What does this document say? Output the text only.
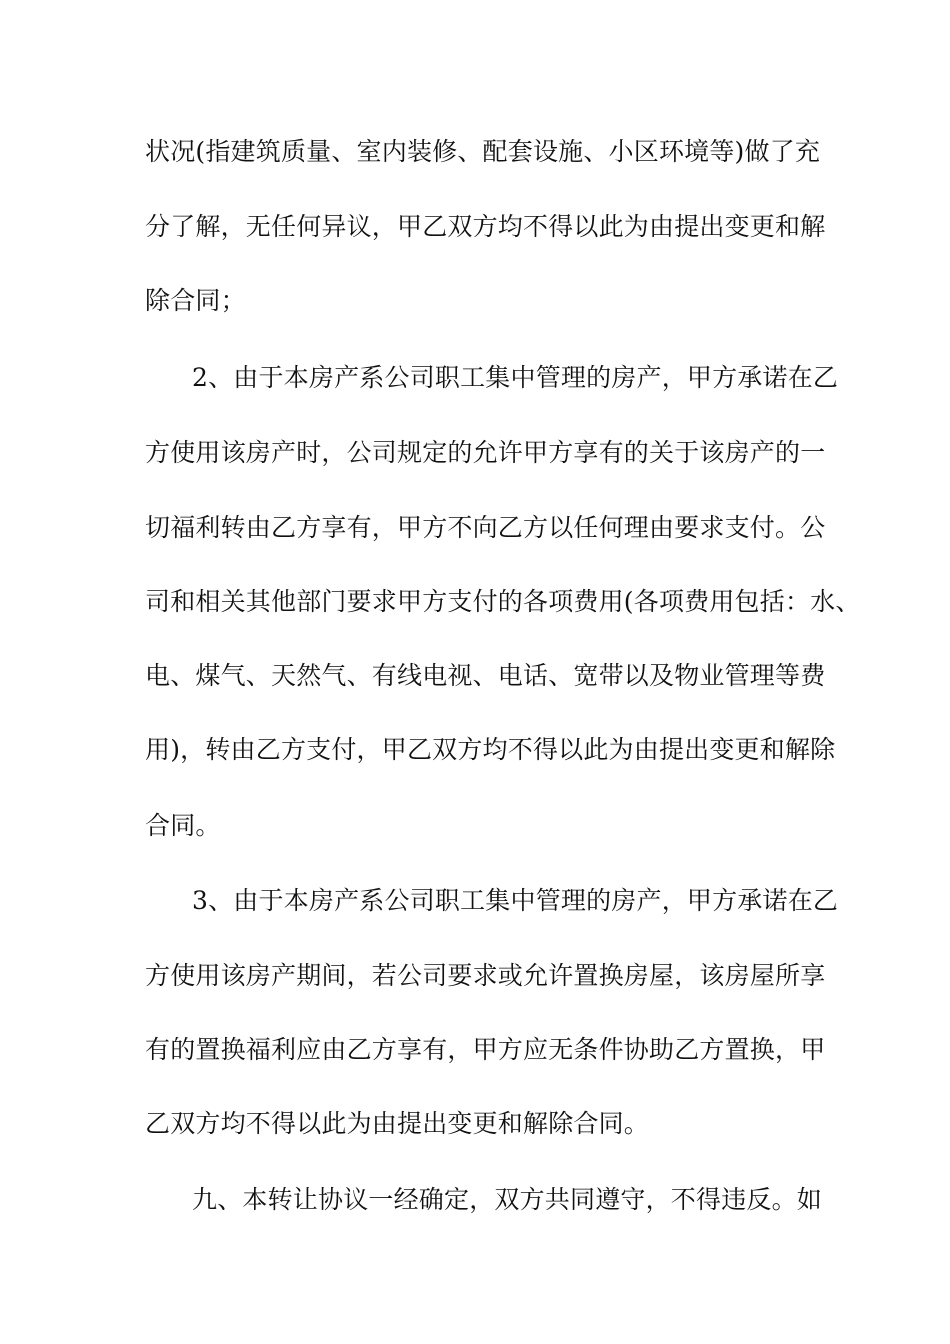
状况(指建筑质量、室内装修、配套设施、小区环境等)做了充
分了解，无任何异议，甲乙双方均不得以此为由提出变更和解
除合同；
2、由于本房产系公司职工集中管理的房产，甲方承诺在乙
方使用该房产时，公司规定的允许甲方享有的关于该房产的一
切福利转由乙方享有，甲方不向乙方以任何理由要求支付。公
司和相关其他部门要求甲方支付的各项费用(各项费用包括：水、
电、煤气、天然气、有线电视、电话、宽带以及物业管理等费
用)，转由乙方支付，甲乙双方均不得以此为由提出变更和解除
合同。
3、由于本房产系公司职工集中管理的房产，甲方承诺在乙
方使用该房产期间，若公司要求或允许置换房屋，该房屋所享
有的置换福利应由乙方享有，甲方应无条件协助乙方置换，甲
乙双方均不得以此为由提出变更和解除合同。
九、本转让协议一经确定，双方共同遵守，不得违反。如
